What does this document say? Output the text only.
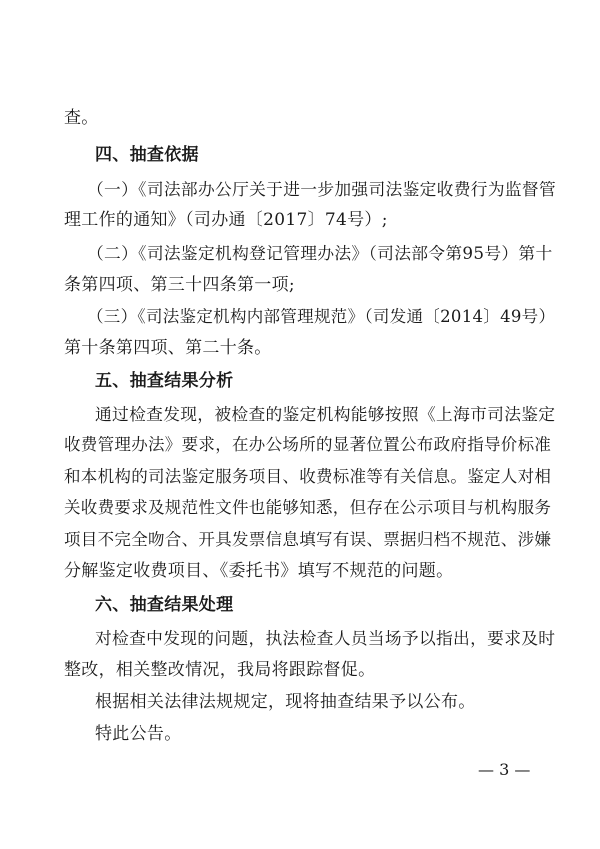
查。
四、抽查依据
（一）《司法部办公厅关于进一步加强司法鉴定收费行为监督管
理工作的通知》（司办通〔2017〕74号）;
（二）《司法鉴定机构登记管理办法》（司法部令第95号）第十
条第四项、第三十四条第一项;
（三）《司法鉴定机构内部管理规范》（司发通〔2014〕49号）
第十条第四项、第二十条。
五、抽查结果分析
通过检查发现，被检查的鉴定机构能够按照《上海市司法鉴定
收费管理办法》要求，在办公场所的显著位置公布政府指导价标准
和本机构的司法鉴定服务项目、收费标准等有关信息。鉴定人对相
关收费要求及规范性文件也能够知悉，但存在公示项目与机构服务
项目不完全吻合、开具发票信息填写有误、票据归档不规范、涉嫌
分解鉴定收费项目、《委托书》填写不规范的问题。
六、抽查结果处理
对检查中发现的问题，执法检查人员当场予以指出，要求及时
整改，相关整改情况，我局将跟踪督促。
根据相关法律法规规定，现将抽查结果予以公布。
特此公告。
— 3 —
